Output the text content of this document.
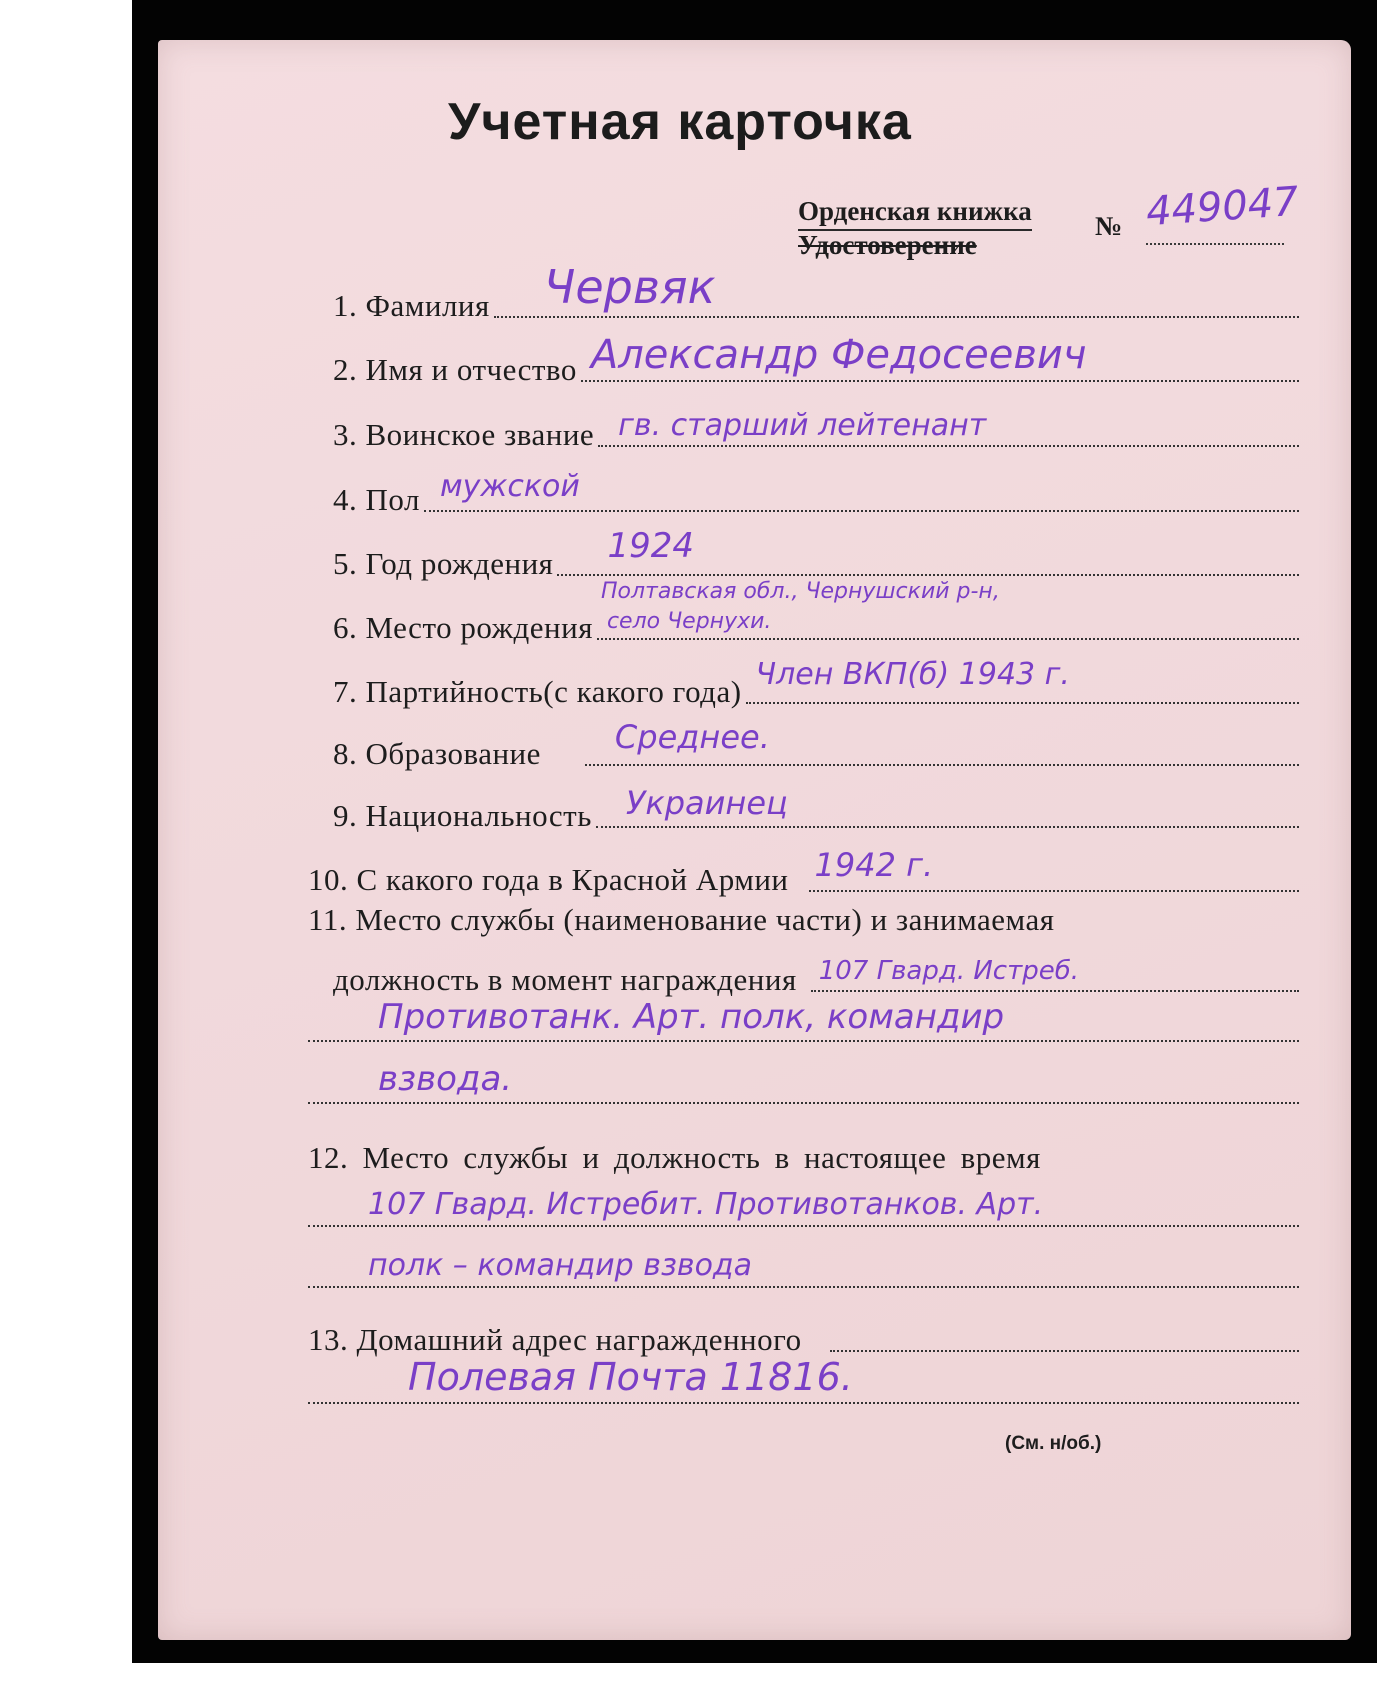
Учетная карточка
Орденская книжка
Удостоверение
№ 449047
1. Фамилия Червяк
2. Имя и отчество Александр Федосеевич
3. Воинское звание гв. старший лейтенант
4. Пол мужской
5. Год рождения 1924
6. Место рождения
Полтавская обл., Чернушский р-н,
село Чернухи.
7. Партийность(с какого года) Член ВКП(б) 1943 г.
8. Образование Среднее.
9. Национальность Украинец
10. С какого года в Красной Армии 1942 г.
11. Место службы (наименование части) и занимаемая
должность в момент награждения 107 Гвард. Истреб.
Противотанк. Арт. полк, командир
взвода.
12. Место службы и должность в настоящее время
107 Гвард. Истребит. Противотанков. Арт.
полк – командир взвода
13. Домашний адрес награжденного
Полевая Почта 11816.
(См. н/об.)
